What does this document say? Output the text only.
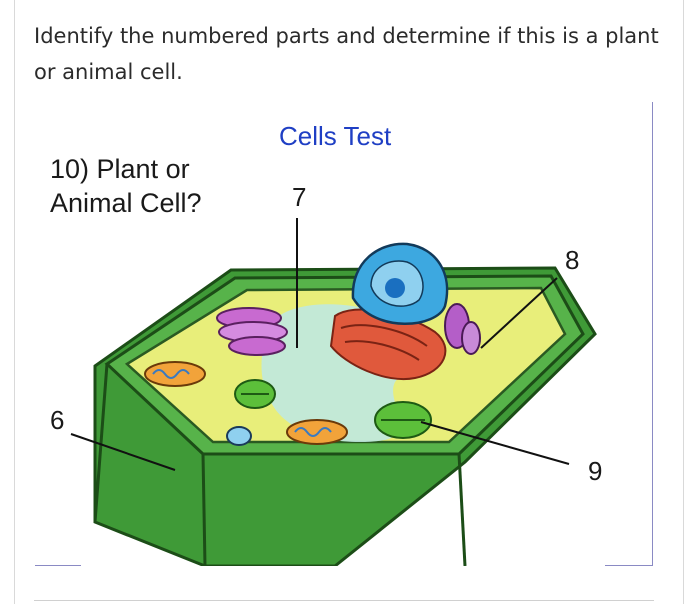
Identify the numbered parts and determine if this is a plant or animal cell.
Cells Test
10) Plant or
Animal Cell?	7
8
6
9
